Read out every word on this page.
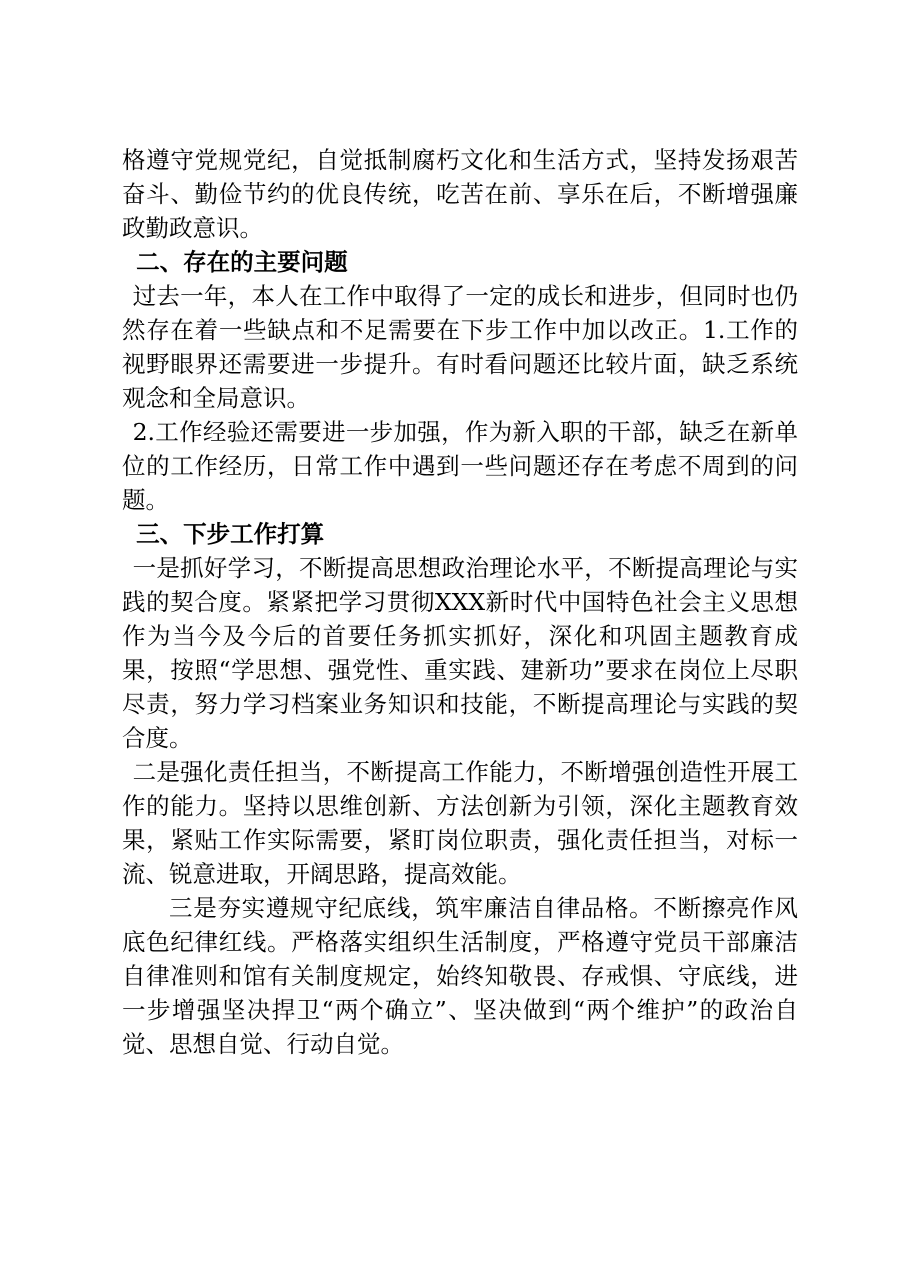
格遵守党规党纪，自觉抵制腐朽文化和生活方式，坚持发扬艰苦奋斗、勤俭节约的优良传统，吃苦在前、享乐在后，不断增强廉政勤政意识。

二、存在的主要问题

过去一年，本人在工作中取得了一定的成长和进步，但同时也仍然存在着一些缺点和不足需要在下步工作中加以改正。1.工作的视野眼界还需要进一步提升。有时看问题还比较片面，缺乏系统观念和全局意识。

2.工作经验还需要进一步加强，作为新入职的干部，缺乏在新单位的工作经历，日常工作中遇到一些问题还存在考虑不周到的问题。

三、下步工作打算

一是抓好学习，不断提高思想政治理论水平，不断提高理论与实践的契合度。紧紧把学习贯彻XXX新时代中国特色社会主义思想作为当今及今后的首要任务抓实抓好，深化和巩固主题教育成果，按照“学思想、强党性、重实践、建新功”要求在岗位上尽职尽责，努力学习档案业务知识和技能，不断提高理论与实践的契合度。

二是强化责任担当，不断提高工作能力，不断增强创造性开展工作的能力。坚持以思维创新、方法创新为引领，深化主题教育效果，紧贴工作实际需要，紧盯岗位职责，强化责任担当，对标一流、锐意进取，开阔思路，提高效能。

三是夯实遵规守纪底线，筑牢廉洁自律品格。不断擦亮作风底色纪律红线。严格落实组织生活制度，严格遵守党员干部廉洁自律准则和馆有关制度规定，始终知敬畏、存戒惧、守底线，进一步增强坚决捍卫“两个确立”、坚决做到“两个维护”的政治自觉、思想自觉、行动自觉。
